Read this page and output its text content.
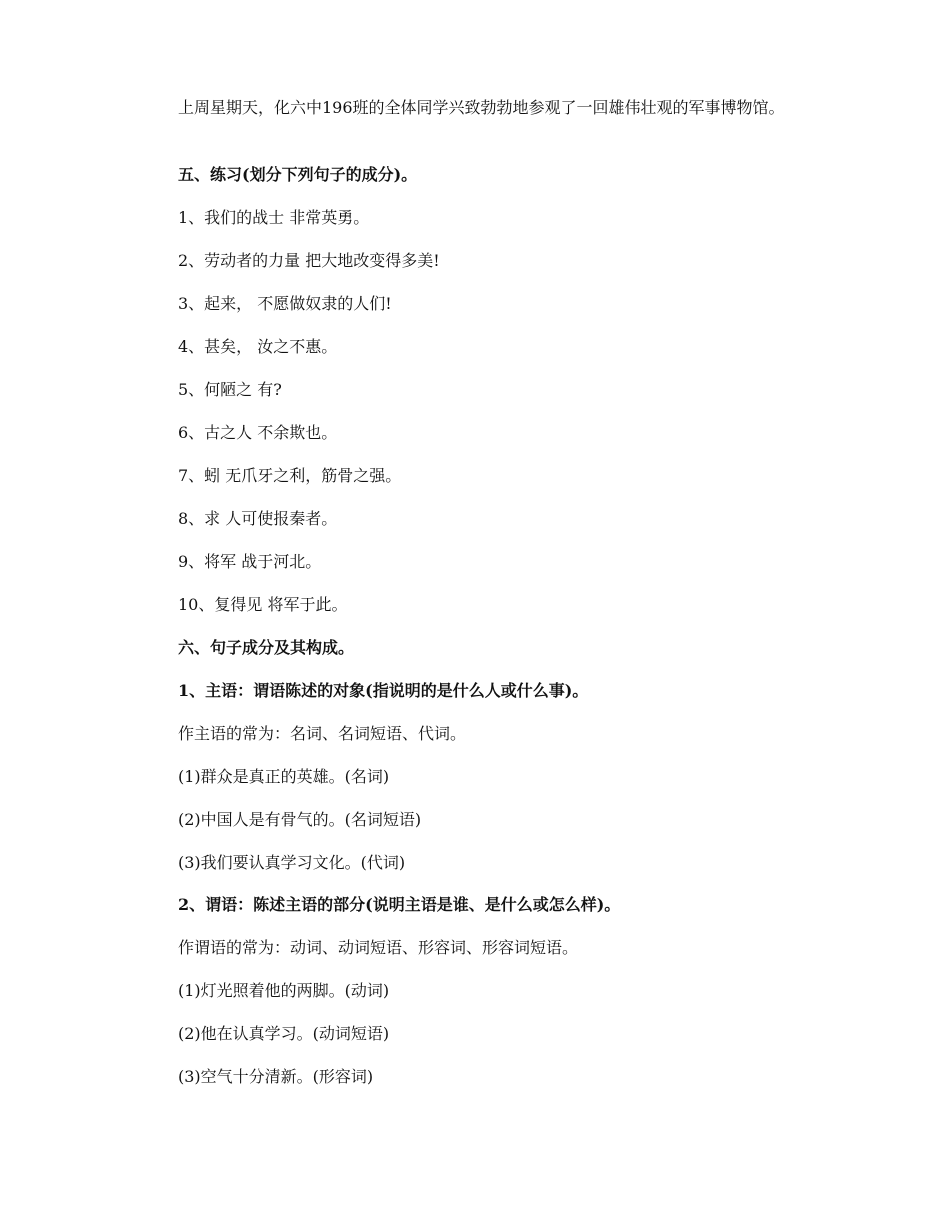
上周星期天，化六中196班的全体同学兴致勃勃地参观了一回雄伟壮观的军事博物馆。
五、练习(划分下列句子的成分)。
1、我们的战士 非常英勇。
2、劳动者的力量 把大地改变得多美!
3、起来， 不愿做奴隶的人们!
4、甚矣， 汝之不惠。
5、何陋之 有?
6、古之人 不余欺也。
7、蚓 无爪牙之利，筋骨之强。
8、求 人可使报秦者。
9、将军 战于河北。
10、复得见 将军于此。
六、句子成分及其构成。
1、主语：谓语陈述的对象(指说明的是什么人或什么事)。
作主语的常为：名词、名词短语、代词。
(1)群众是真正的英雄。(名词)
(2)中国人是有骨气的。(名词短语)
(3)我们要认真学习文化。(代词)
2、谓语：陈述主语的部分(说明主语是谁、是什么或怎么样)。
作谓语的常为：动词、动词短语、形容词、形容词短语。
(1)灯光照着他的两脚。(动词)
(2)他在认真学习。(动词短语)
(3)空气十分清新。(形容词)
